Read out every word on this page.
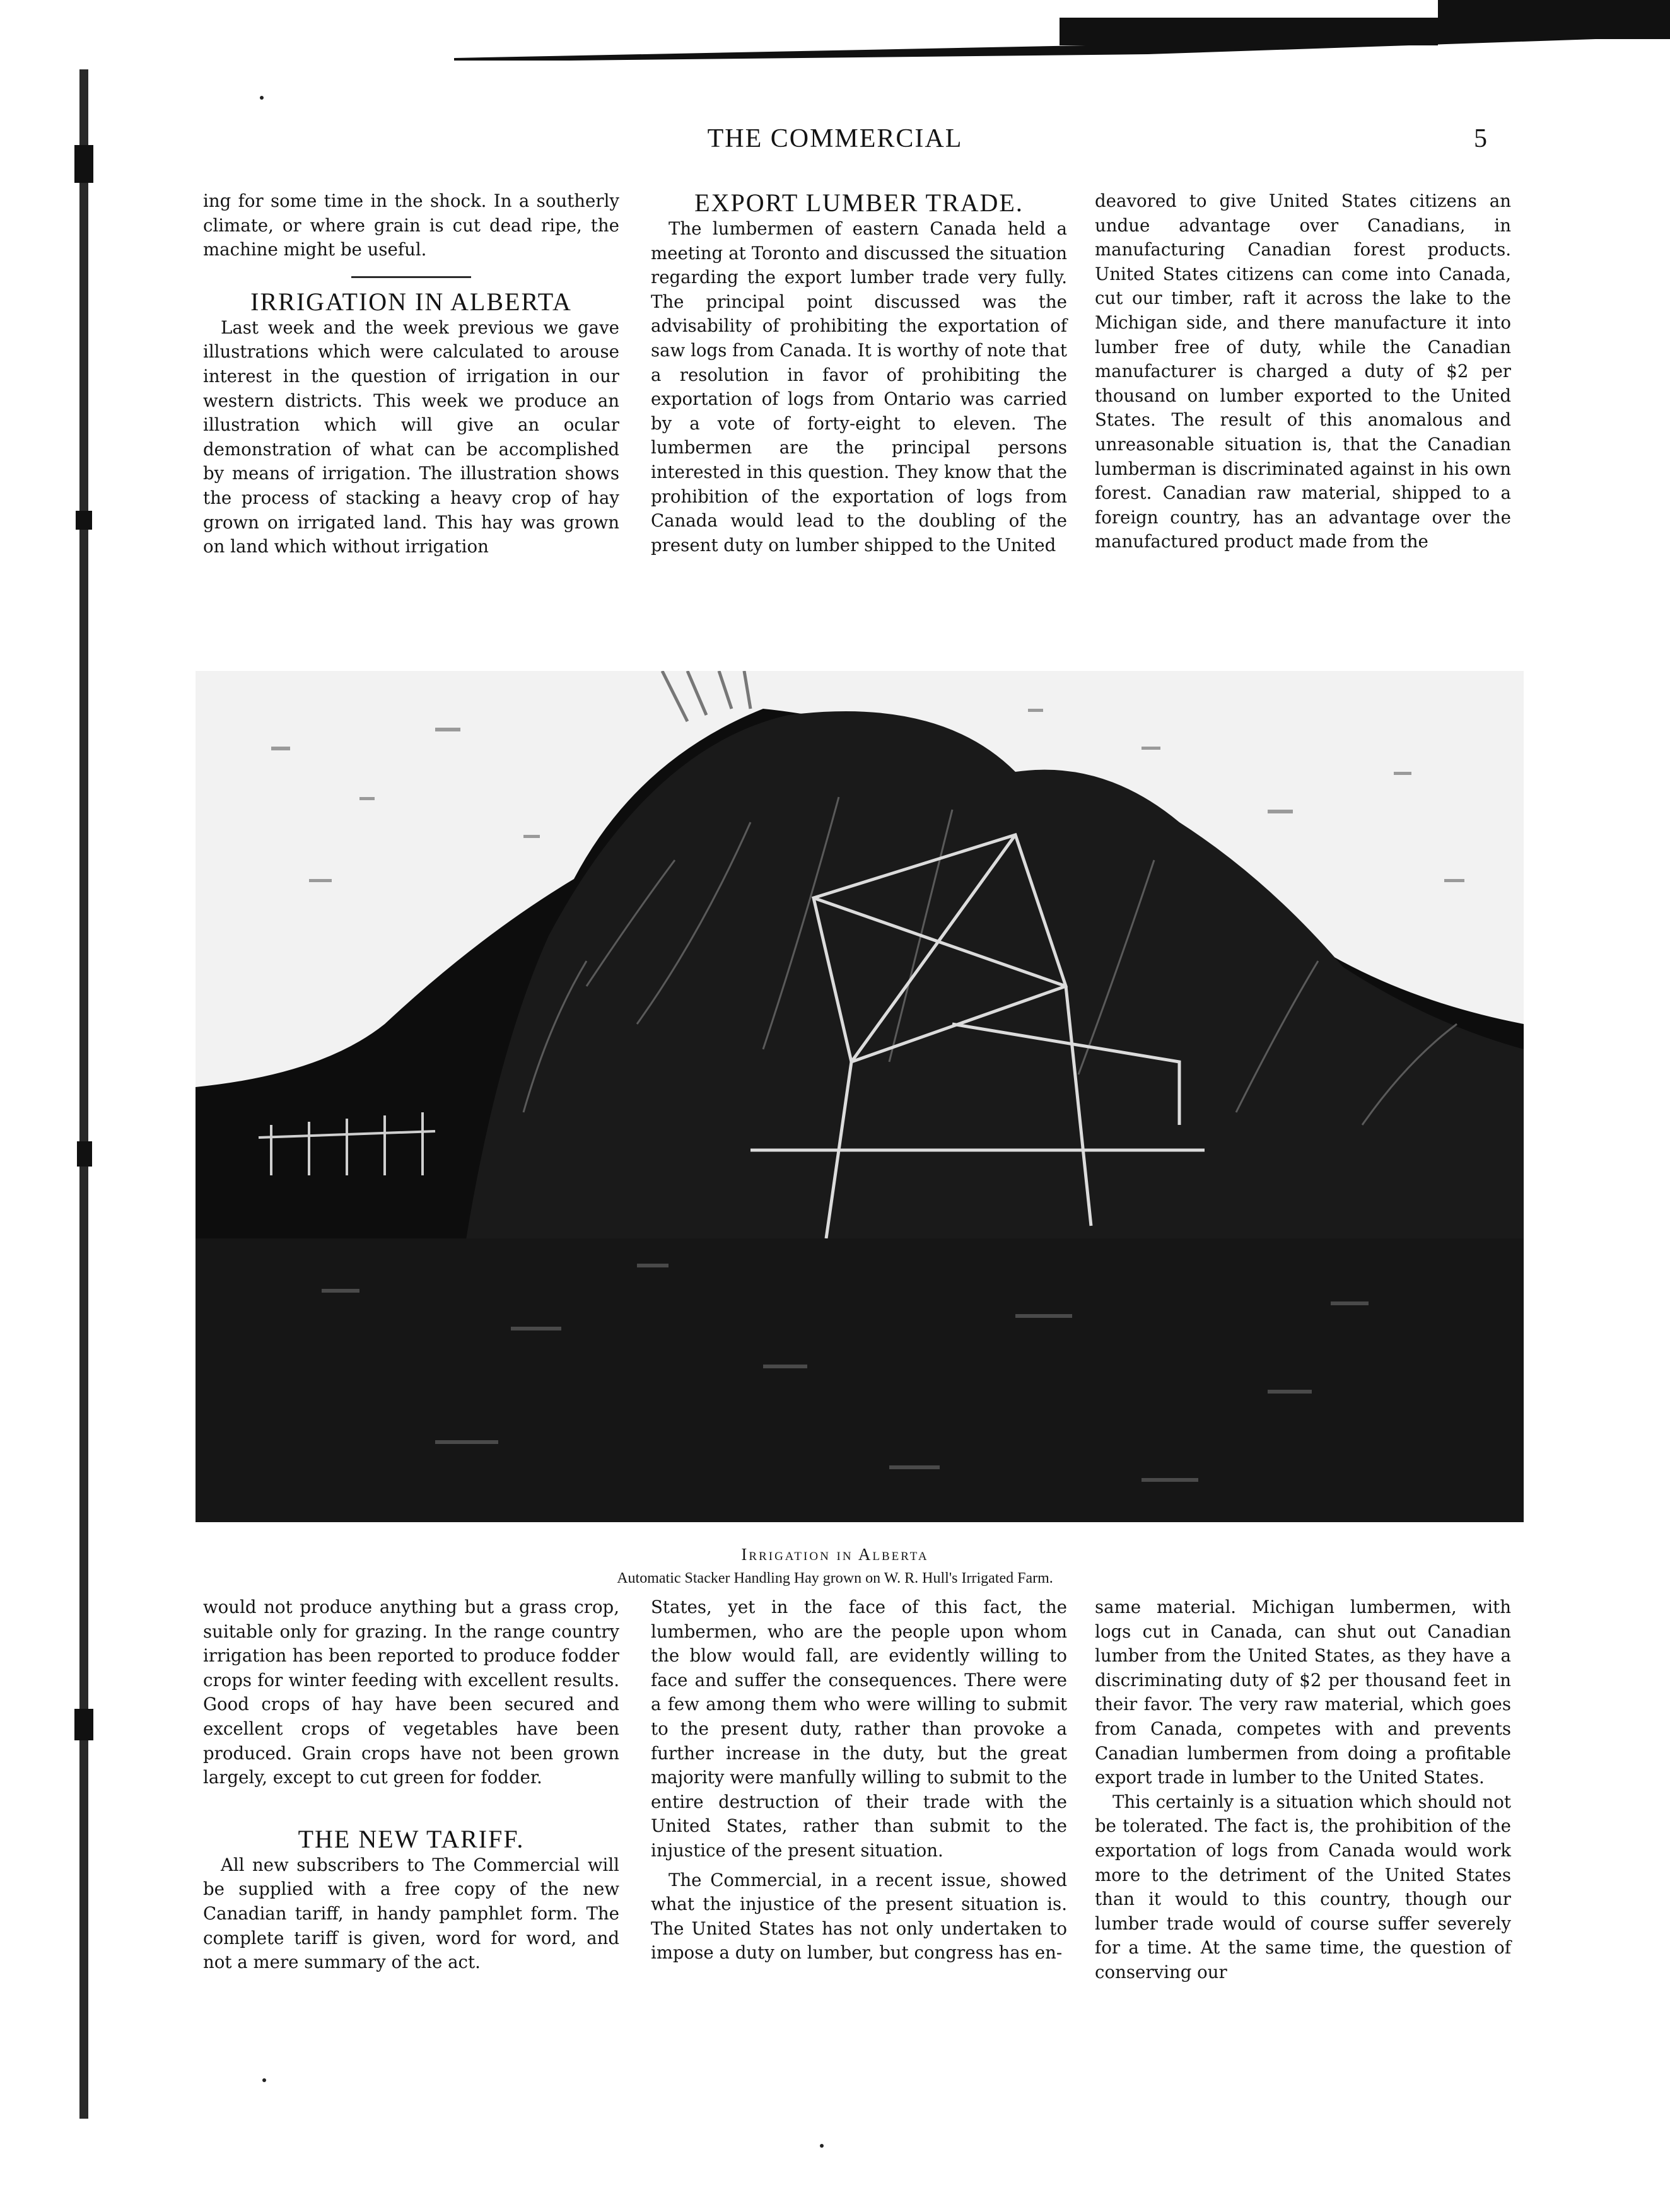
THE COMMERCIAL	5

ing for some time in the shock. In a southerly climate, or where grain is cut dead ripe, the machine might be useful.

IRRIGATION IN ALBERTA

Last week and the week previous we gave illustrations which were calculated to arouse interest in the question of irrigation in our western districts. This week we produce an illustration which will give an ocular demonstration of what can be accomplished by means of irrigation. The illustration shows the process of stacking a heavy crop of hay grown on irrigated land. This hay was grown on land which without irrigation

EXPORT LUMBER TRADE.

The lumbermen of eastern Canada held a meeting at Toronto and discussed the situation regarding the export lumber trade very fully. The principal point discussed was the advisability of prohibiting the exportation of saw logs from Canada. It is worthy of note that a resolution in favor of prohibiting the exportation of logs from Ontario was carried by a vote of forty-eight to eleven. The lumbermen are the principal persons interested in this question. They know that the prohibition of the exportation of logs from Canada would lead to the doubling of the present duty on lumber shipped to the United

deavored to give United States citizens an undue advantage over Canadians, in manufacturing Canadian forest products. United States citizens can come into Canada, cut our timber, raft it across the lake to the Michigan side, and there manufacture it into lumber free of duty, while the Canadian manufacturer is charged a duty of $2 per thousand on lumber exported to the United States. The result of this anomalous and unreasonable situation is, that the Canadian lumberman is discriminated against in his own forest. Canadian raw material, shipped to a foreign country, has an advantage over the manufactured product made from the

Irrigation in Alberta
Automatic Stacker Handling Hay grown on W. R. Hull's Irrigated Farm.

would not produce anything but a grass crop, suitable only for grazing. In the range country irrigation has been reported to produce fodder crops for winter feeding with excellent results. Good crops of hay have been secured and excellent crops of vegetables have been produced. Grain crops have not been grown largely, except to cut green for fodder.

THE NEW TARIFF.

All new subscribers to The Commercial will be supplied with a free copy of the new Canadian tariff, in handy pamphlet form. The complete tariff is given, word for word, and not a mere summary of the act.

States, yet in the face of this fact, the lumbermen, who are the people upon whom the blow would fall, are evidently willing to face and suffer the consequences. There were a few among them who were willing to submit to the present duty, rather than provoke a further increase in the duty, but the great majority were manfully willing to submit to the entire destruction of their trade with the United States, rather than submit to the injustice of the present situation.

The Commercial, in a recent issue, showed what the injustice of the present situation is. The United States has not only undertaken to impose a duty on lumber, but congress has en-

same material. Michigan lumbermen, with logs cut in Canada, can shut out Canadian lumber from the United States, as they have a discriminating duty of $2 per thousand feet in their favor. The very raw material, which goes from Canada, competes with and prevents Canadian lumbermen from doing a profitable export trade in lumber to the United States.

This certainly is a situation which should not be tolerated. The fact is, the prohibition of the exportation of logs from Canada would work more to the detriment of the United States than it would to this country, though our lumber trade would of course suffer severely for a time. At the same time, the question of conserving our
